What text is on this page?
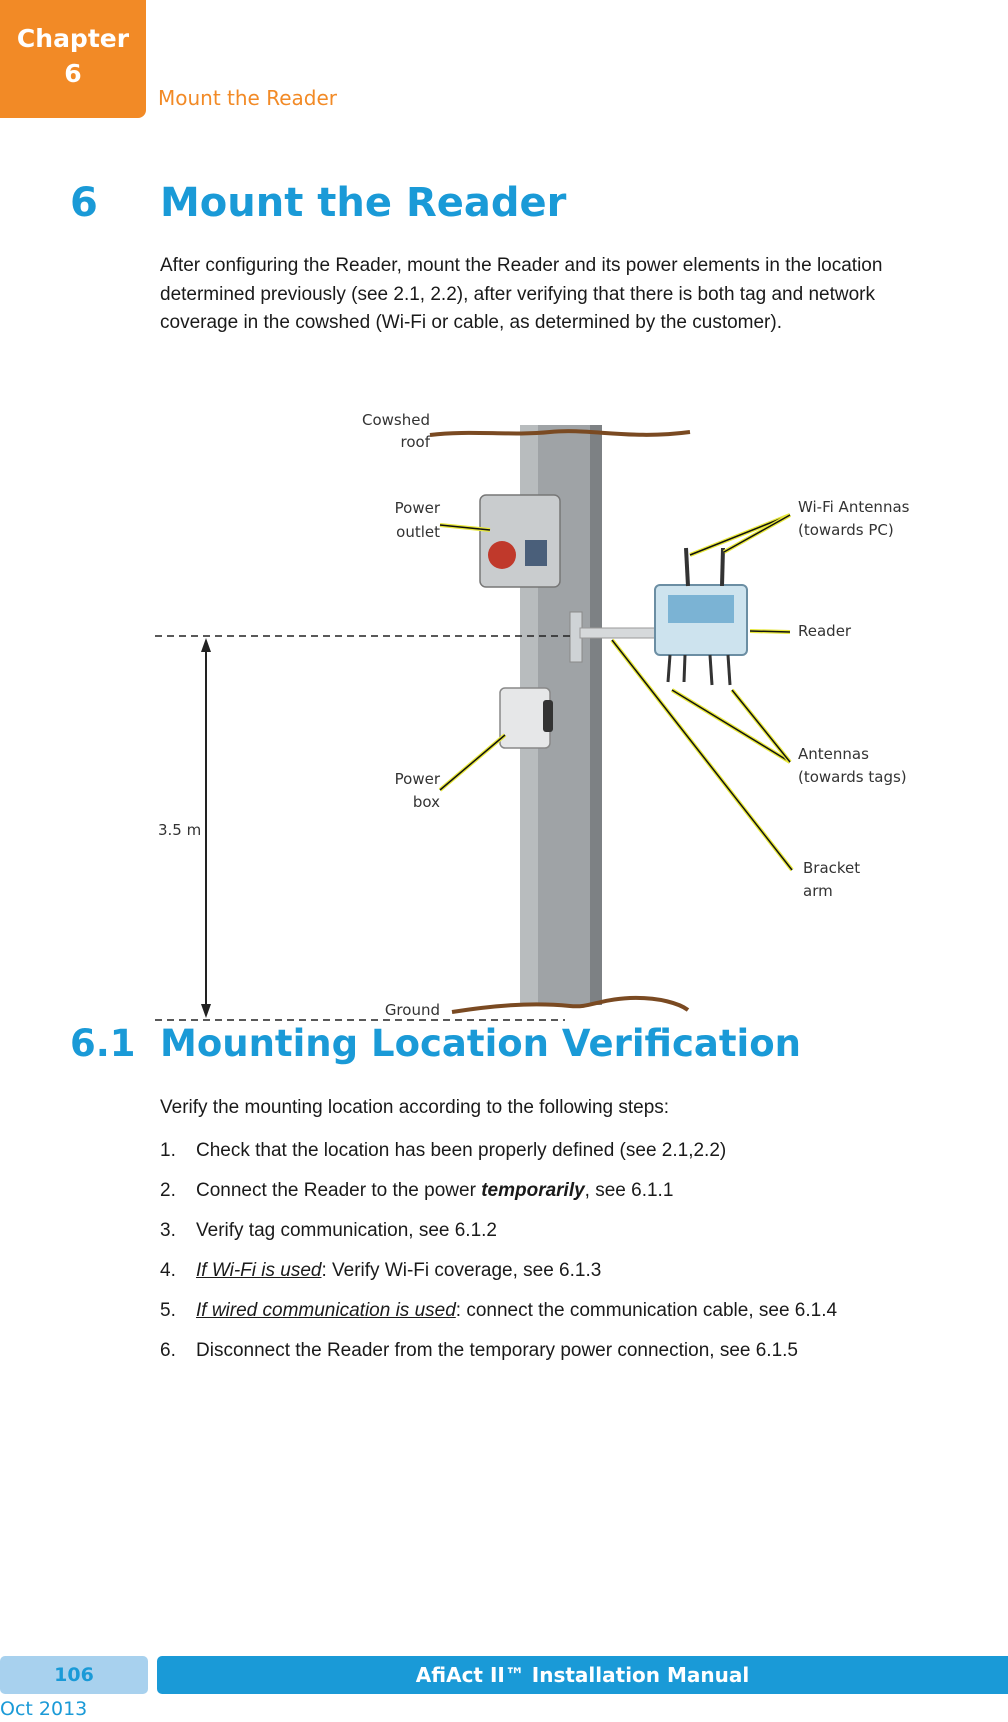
Chapter
6
Mount the Reader
6 Mount the Reader

After configuring the Reader, mount the Reader and its power elements in the location determined previously (see 2.1, 2.2), after verifying that there is both tag and network coverage in the cowshed (Wi-Fi or cable, as determined by the customer).

Cowshed
roof
Power
outlet
Power
box
Ground
3.5 m
Wi-Fi Antennas
(towards PC)
Reader
Antennas
(towards tags)
Bracket
arm
6.1 Mounting Location Verification

Verify the mounting location according to the following steps:

1. Check that the location has been properly defined (see 2.1,2.2)
2. Connect the Reader to the power temporarily, see 6.1.1
3. Verify tag communication, see 6.1.2
4. If Wi-Fi is used: Verify Wi-Fi coverage, see 6.1.3
5. If wired communication is used: connect the communication cable, see 6.1.4
6. Disconnect the Reader from the temporary power connection, see 6.1.5
106	AfiAct II™ Installation Manual
Oct 2013
